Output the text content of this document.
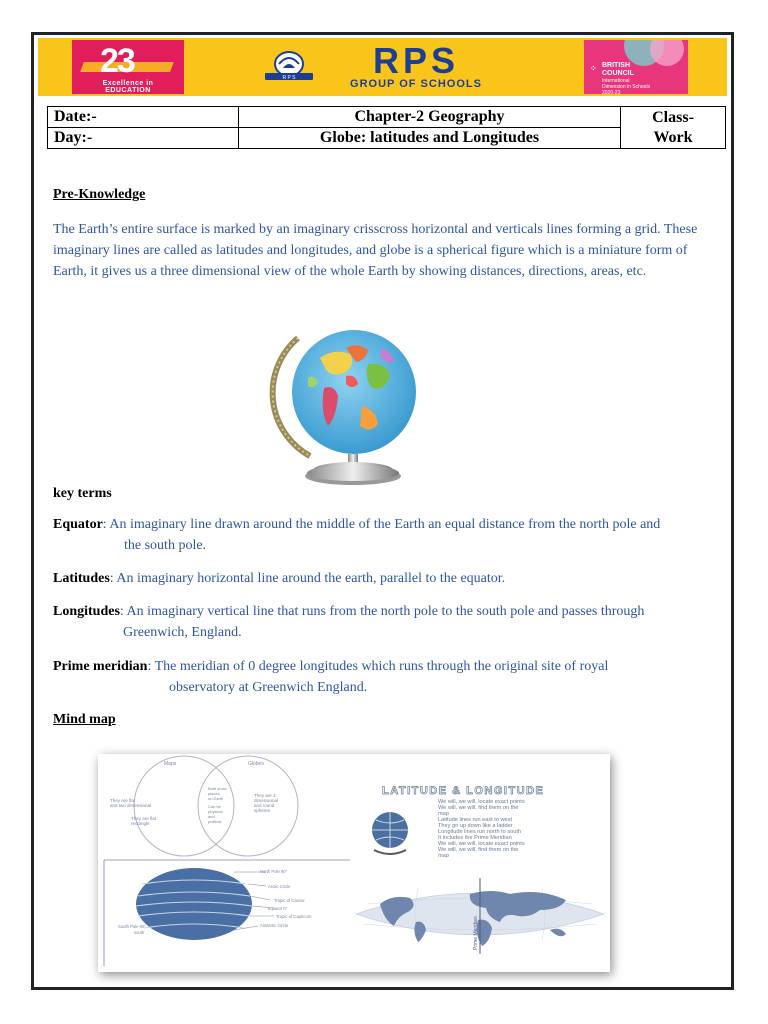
23
Excellence in
EDUCATION
R P S	RPS
GROUP OF SCHOOLS
BRITISH
COUNCIL
⁘
International
Dimension in Schools
2020-23
Date:-	Chapter-2 Geography	Class-
Work
Day:-	Globe: latitudes and Longitudes	
Pre-Knowledge
The Earth’s entire surface is marked by an imaginary crisscross horizontal and verticals lines forming a grid. These imaginary lines are called as latitudes and longitudes, and globe is a spherical figure which is a miniature form of Earth, it gives us a three dimensional view of the whole Earth by showing distances, directions, areas, etc.
key terms
Equator: An imaginary line drawn around the middle of the Earth an equal distance from the north pole and
the south pole.
Latitudes: An imaginary horizontal line around the earth, parallel to the equator.
Longitudes: An imaginary vertical line that runs from the north pole to the south pole and passes through
Greenwich, England.
Prime meridian: The meridian of 0 degree longitudes which runs through the original site of royal
observatory at Greenwich England.
Mind map
Maps	Globes
They are flat
and two dimensional
They are flat
rectangle
Both show
places
on Earth
Can be
physical
and
political
They are 3
dimensional
and round
spheres
LATITUDE & LONGITUDE
We will, we will, locate exact points
We will, we will, find them on the
map
Latitude lines run east to west
They go up down like a ladder
Longitude lines run north to south
It includes the Prime Meridian
We will, we will, locate exact points
We will, we will, find them on the
map
North Pole 90°
Arctic Circle
Tropic of Cancer
equator 0°
Tropic of Capricorn
Antarctic Circle
South Pole 90°
south	Prime Meridian
